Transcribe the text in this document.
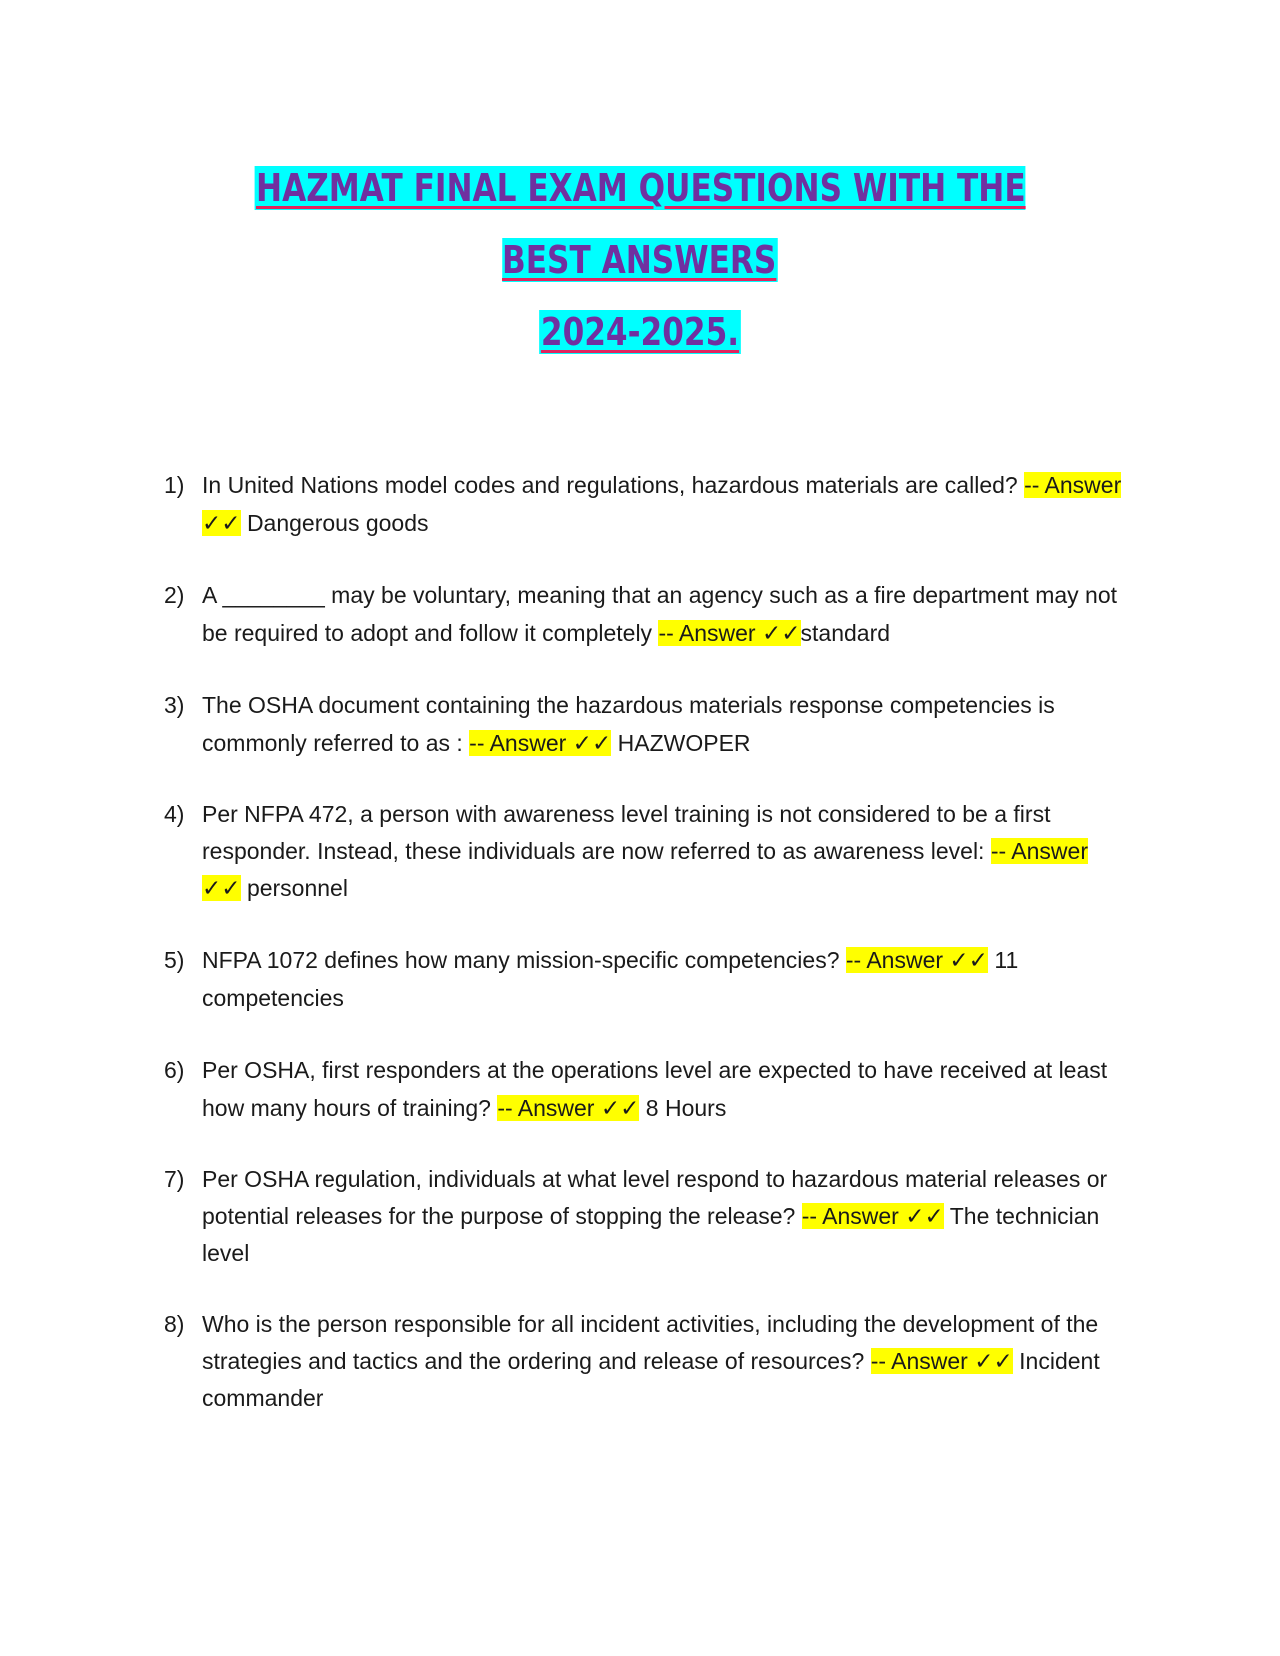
HAZMAT FINAL EXAM QUESTIONS WITH THE BEST ANSWERS
2024-2025.
1) In United Nations model codes and regulations, hazardous materials are called? -- Answer ✓✓ Dangerous goods
2) A ________ may be voluntary, meaning that an agency such as a fire department may not be required to adopt and follow it completely -- Answer ✓✓standard
3) The OSHA document containing the hazardous materials response competencies is commonly referred to as : -- Answer ✓✓ HAZWOPER
4) Per NFPA 472, a person with awareness level training is not considered to be a first responder. Instead, these individuals are now referred to as awareness level: -- Answer ✓✓ personnel
5) NFPA 1072 defines how many mission-specific competencies? -- Answer ✓✓ 11 competencies
6) Per OSHA, first responders at the operations level are expected to have received at least how many hours of training? -- Answer ✓✓ 8 Hours
7) Per OSHA regulation, individuals at what level respond to hazardous material releases or potential releases for the purpose of stopping the release? -- Answer ✓✓ The technician level
8) Who is the person responsible for all incident activities, including the development of the strategies and tactics and the ordering and release of resources? -- Answer ✓✓ Incident commander
